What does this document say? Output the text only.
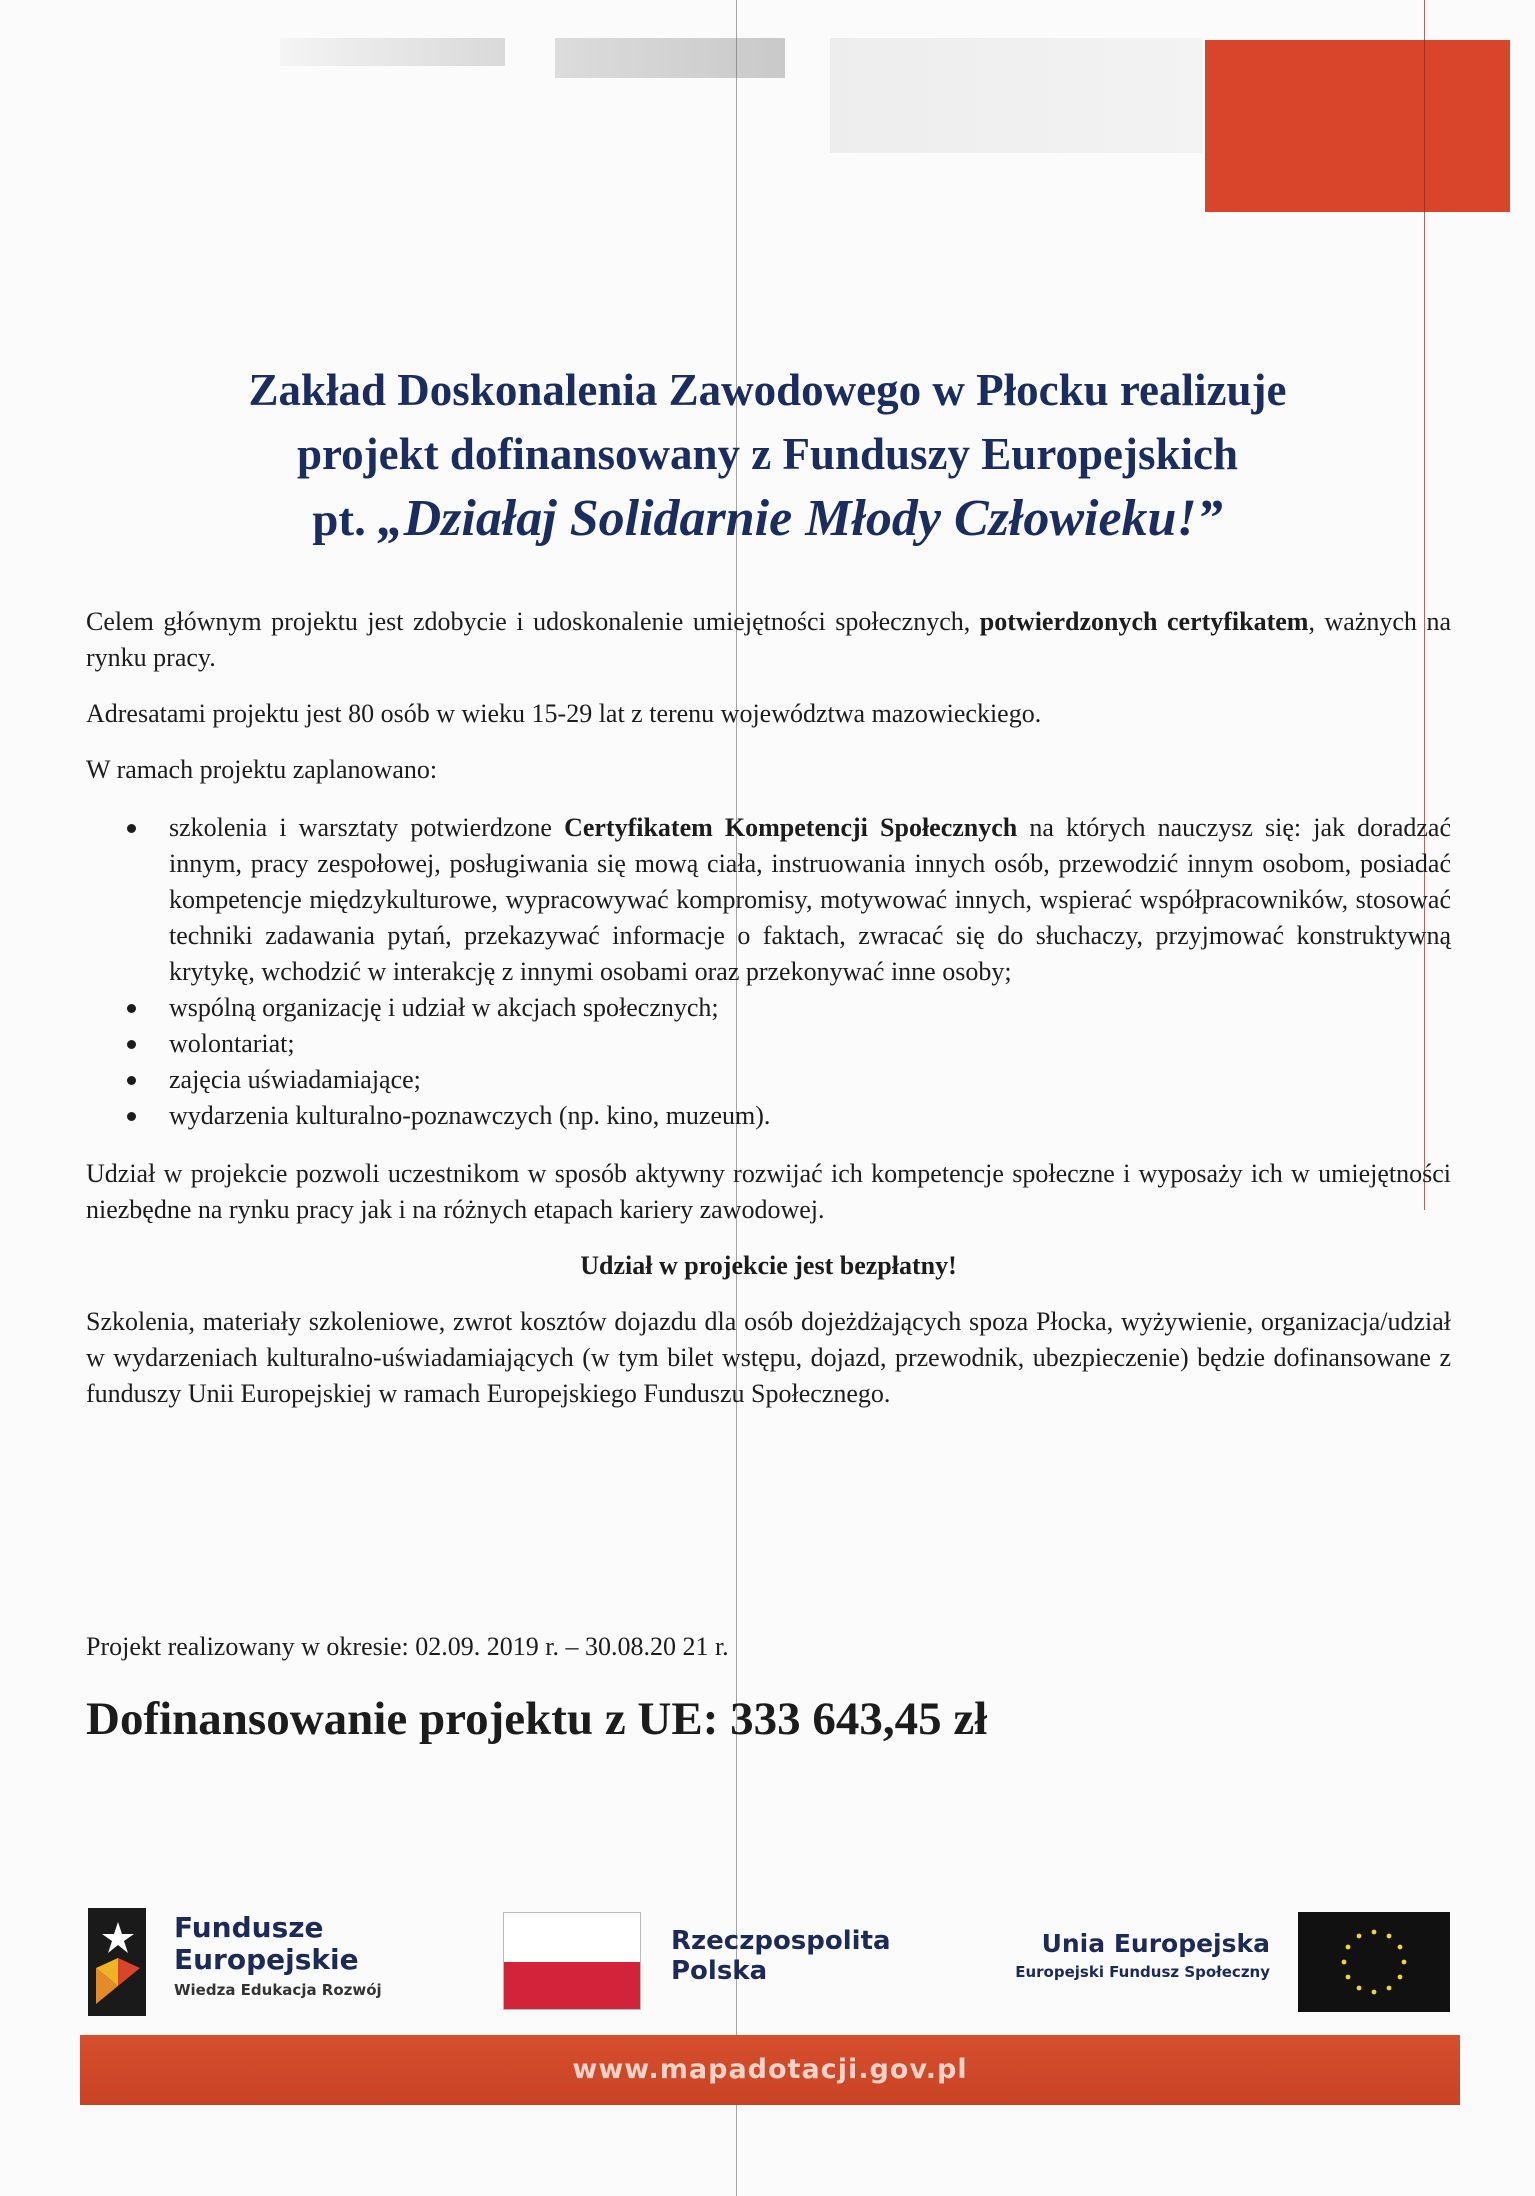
Zakład Doskonalenia Zawodowego w Płocku realizuje
projekt dofinansowany z Funduszy Europejskich
pt. „Działaj Solidarnie Młody Człowieku!”

Celem głównym projektu jest zdobycie i udoskonalenie umiejętności społecznych, potwierdzonych certyfikatem, ważnych na rynku pracy.

Adresatami projektu jest 80 osób w wieku 15-29 lat z terenu województwa mazowieckiego.

W ramach projektu zaplanowano:

szkolenia i warsztaty potwierdzone Certyfikatem Kompetencji Społecznych na których nauczysz się: jak doradzać innym, pracy zespołowej, posługiwania się mową ciała, instruowania innych osób, przewodzić innym osobom, posiadać kompetencje międzykulturowe, wypracowywać kompromisy, motywować innych, wspierać współpracowników, stosować techniki zadawania pytań, przekazywać informacje o faktach, zwracać się do słuchaczy, przyjmować konstruktywną krytykę, wchodzić w interakcję z innymi osobami oraz przekonywać inne osoby;
wspólną organizację i udział w akcjach społecznych;
wolontariat;
zajęcia uświadamiające;
wydarzenia kulturalno-poznawczych (np. kino, muzeum).

Udział w projekcie pozwoli uczestnikom w sposób aktywny rozwijać ich kompetencje społeczne i wyposaży ich w umiejętności niezbędne na rynku pracy jak i na różnych etapach kariery zawodowej.

Udział w projekcie jest bezpłatny!

Szkolenia, materiały szkoleniowe, zwrot kosztów dojazdu dla osób dojeżdżających spoza Płocka, wyżywienie, organizacja/udział w wydarzeniach kulturalno-uświadamiających (w tym bilet wstępu, dojazd, przewodnik, ubezpieczenie) będzie dofinansowane z funduszy Unii Europejskiej w ramach Europejskiego Funduszu Społecznego.

Projekt realizowany w okresie: 02.09. 2019 r. – 30.08.20 21 r.
Dofinansowanie projektu z UE: 333 643,45 zł
Fundusze
Europejskie
Wiedza Edukacja Rozwój
Rzeczpospolita
Polska
Unia Europejska
Europejski Fundusz Społeczny
www.mapadotacji.gov.pl
